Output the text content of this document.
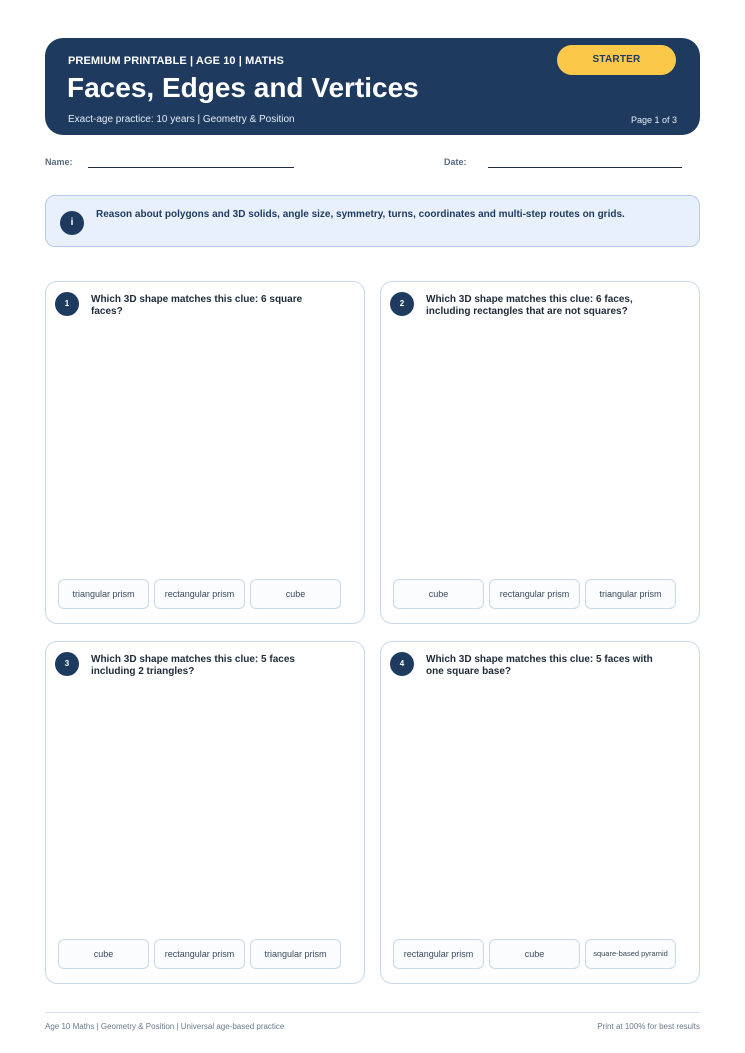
PREMIUM PRINTABLE | AGE 10 | MATHS
Faces, Edges and Vertices
Exact-age practice: 10 years | Geometry & Position	Page 1 of 3
STARTER
Name:	Date:
i
Reason about polygons and 3D solids, angle size, symmetry, turns, coordinates and multi-step routes on grids.
1	Which 3D shape matches this clue: 6 square faces?
triangular prism	rectangular prism	cube
2	Which 3D shape matches this clue: 6 faces, including rectangles that are not squares?
cube	rectangular prism	triangular prism
3	Which 3D shape matches this clue: 5 faces including 2 triangles?
cube	rectangular prism	triangular prism
4	Which 3D shape matches this clue: 5 faces with one square base?
rectangular prism	cube	square-based pyramid
Age 10 Maths | Geometry & Position | Universal age-based practice	Print at 100% for best results
